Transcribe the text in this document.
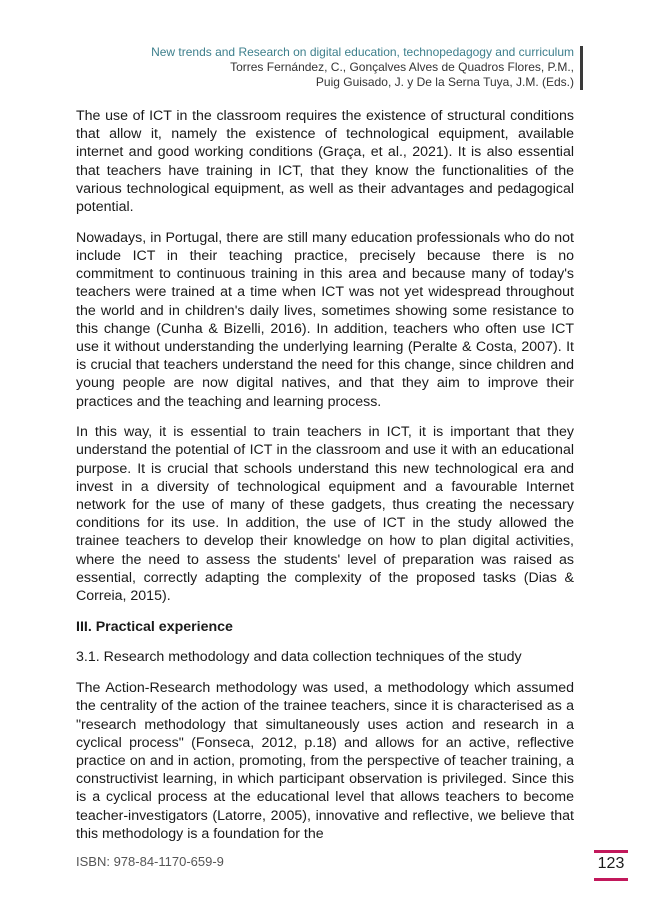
New trends and Research on digital education, technopedagogy and curriculum
Torres Fernández, C., Gonçalves Alves de Quadros Flores, P.M.,
Puig Guisado, J. y De la Serna Tuya, J.M. (Eds.)

The use of ICT in the classroom requires the existence of structural conditions that allow it, namely the existence of technological equipment, available internet and good working conditions (Graça, et al., 2021). It is also essential that teachers have training in ICT, that they know the functionalities of the various technological equipment, as well as their advantages and pedagogical potential.

Nowadays, in Portugal, there are still many education professionals who do not include ICT in their teaching practice, precisely because there is no commitment to continuous training in this area and because many of today's teachers were trained at a time when ICT was not yet widespread throughout the world and in children's daily lives, sometimes showing some resistance to this change (Cunha & Bizelli, 2016). In addition, teachers who often use ICT use it without understanding the underlying learning (Peralte & Costa, 2007). It is crucial that teachers understand the need for this change, since children and young people are now digital natives, and that they aim to improve their practices and the teaching and learning process.

In this way, it is essential to train teachers in ICT, it is important that they understand the potential of ICT in the classroom and use it with an educational purpose. It is crucial that schools understand this new technological era and invest in a diversity of technological equipment and a favourable Internet network for the use of many of these gadgets, thus creating the necessary conditions for its use. In addition, the use of ICT in the study allowed the trainee teachers to develop their knowledge on how to plan digital activities, where the need to assess the students' level of preparation was raised as essential, correctly adapting the complexity of the proposed tasks (Dias & Correia, 2015).

III. Practical experience

3.1. Research methodology and data collection techniques of the study

The Action-Research methodology was used, a methodology which assumed the centrality of the action of the trainee teachers, since it is characterised as a "research methodology that simultaneously uses action and research in a cyclical process" (Fonseca, 2012, p.18) and allows for an active, reflective practice on and in action, promoting, from the perspective of teacher training, a constructivist learning, in which participant observation is privileged. Since this is a cyclical process at the educational level that allows teachers to become teacher-investigators (Latorre, 2005), innovative and reflective, we believe that this methodology is a foundation for the

ISBN: 978-84-1170-659-9	123
